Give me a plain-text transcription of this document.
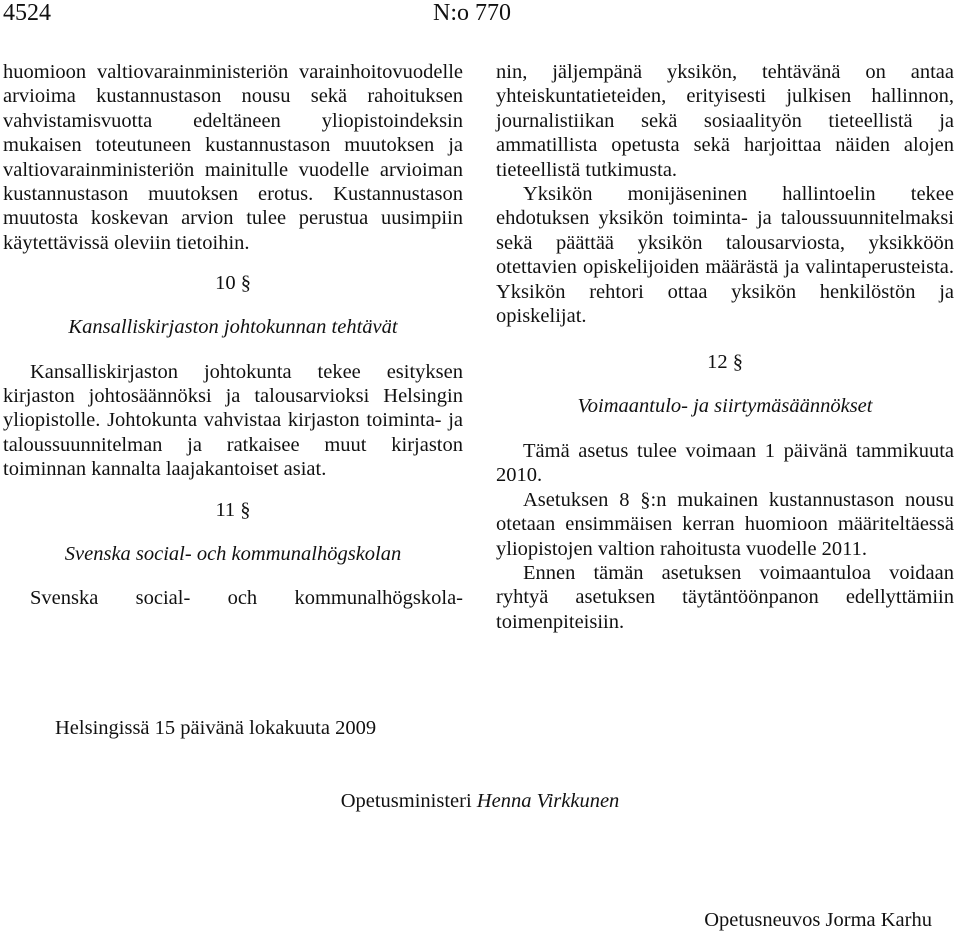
4524	N:o 770

huomioon valtiovarainministeriön varainhoitovuodelle arvioima kustannustason nousu sekä rahoituksen vahvistamisvuotta edeltäneen yliopistoindeksin mukaisen toteutuneen kustannustason muutoksen ja valtiovarainministeriön mainitulle vuodelle arvioiman kustannustason muutoksen erotus. Kustannustason muutosta koskevan arvion tulee perustua uusimpiin käytettävissä oleviin tietoihin.

10 §
Kansalliskirjaston johtokunnan tehtävät

Kansalliskirjaston johtokunta tekee esityksen kirjaston johtosäännöksi ja talousarvioksi Helsingin yliopistolle. Johtokunta vahvistaa kirjaston toiminta- ja taloussuunnitelman ja ratkaisee muut kirjaston toiminnan kannalta laajakantoiset asiat.

11 §
Svenska social- och kommunalhögskolan

Svenska social- och kommunalhögskola-

nin, jäljempänä yksikön, tehtävänä on antaa yhteiskuntatieteiden, erityisesti julkisen hallinnon, journalistiikan sekä sosiaalityön tieteellistä ja ammatillista opetusta sekä harjoittaa näiden alojen tieteellistä tutkimusta.

Yksikön monijäseninen hallintoelin tekee ehdotuksen yksikön toiminta- ja taloussuunnitelmaksi sekä päättää yksikön talousarviosta, yksikköön otettavien opiskelijoiden määrästä ja valintaperusteista. Yksikön rehtori ottaa yksikön henkilöstön ja opiskelijat.

12 §
Voimaantulo- ja siirtymäsäännökset

Tämä asetus tulee voimaan 1 päivänä tammikuuta 2010.

Asetuksen 8 §:n mukainen kustannustason nousu otetaan ensimmäisen kerran huomioon määriteltäessä yliopistojen valtion rahoitusta vuodelle 2011.

Ennen tämän asetuksen voimaantuloa voidaan ryhtyä asetuksen täytäntöönpanon edellyttämiin toimenpiteisiin.

Helsingissä 15 päivänä lokakuuta 2009
Opetusministeri Henna Virkkunen
Opetusneuvos Jorma Karhu
